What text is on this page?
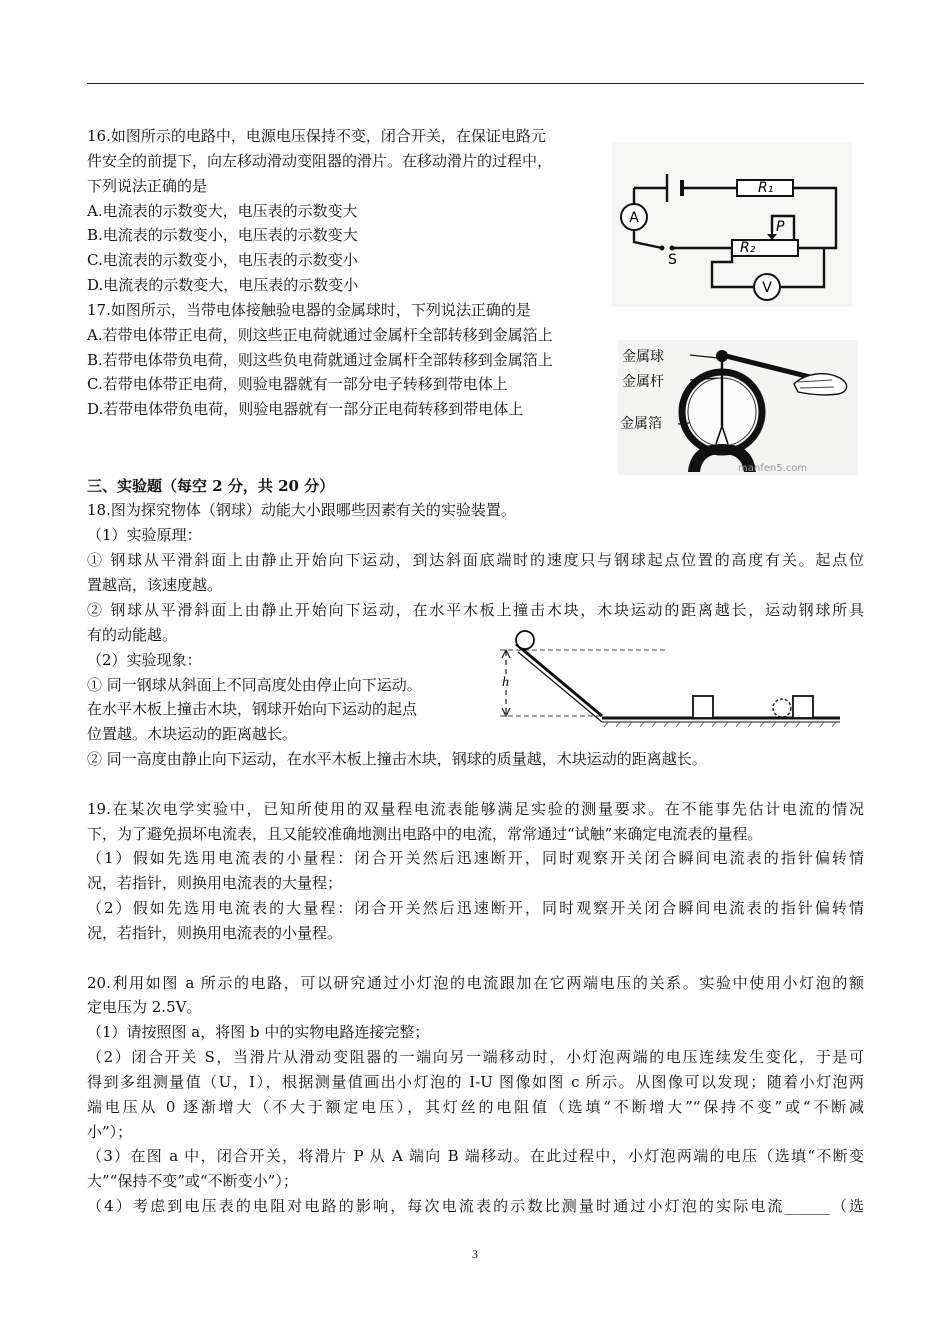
16.如图所示的电路中，电源电压保持不变，闭合开关，在保证电路元
件安全的前提下，向左移动滑动变阻器的滑片。在移动滑片的过程中，
下列说法正确的是
A.电流表的示数变大，电压表的示数变大
B.电流表的示数变小，电压表的示数变大
C.电流表的示数变小，电压表的示数变小
D.电流表的示数变大，电压表的示数变小
A
V
S
R₁
R₂
P
17.如图所示，当带电体接触验电器的金属球时，下列说法正确的是
A.若带电体带正电荷，则这些正电荷就通过金属杆全部转移到金属箔上
B.若带电体带负电荷，则这些负电荷就通过金属杆全部转移到金属箔上
C.若带电体带正电荷，则验电器就有一部分电子转移到带电体上
D.若带电体带负电荷，则验电器就有一部分正电荷转移到带电体上
金属球
金属杆
金属箔
manfen5.com
三、实验题（每空 2 分，共 20 分）
18.图为探究物体（钢球）动能大小跟哪些因素有关的实验装置。
（1）实验原理：
① 钢球从平滑斜面上由静止开始向下运动，到达斜面底端时的速度只与钢球起点位置的高度有关。起点位
置越高，该速度越。
② 钢球从平滑斜面上由静止开始向下运动，在水平木板上撞击木块，木块运动的距离越长，运动钢球所具
有的动能越。
（2）实验现象：
① 同一钢球从斜面上不同高度处由停止向下运动。
在水平木板上撞击木块，钢球开始向下运动的起点
位置越。木块运动的距离越长。
② 同一高度由静止向下运动，在水平木板上撞击木块，钢球的质量越，木块运动的距离越长。
h
19.在某次电学实验中，已知所使用的双量程电流表能够满足实验的测量要求。在不能事先估计电流的情况
下，为了避免损坏电流表，且又能较准确地测出电路中的电流，常常通过“试触”来确定电流表的量程。
（1）假如先选用电流表的小量程：闭合开关然后迅速断开，同时观察开关闭合瞬间电流表的指针偏转情
况，若指针，则换用电流表的大量程；
（2）假如先选用电流表的大量程：闭合开关然后迅速断开，同时观察开关闭合瞬间电流表的指针偏转情
况，若指针，则换用电流表的小量程。
20.利用如图 a 所示的电路，可以研究通过小灯泡的电流跟加在它两端电压的关系。实验中使用小灯泡的额
定电压为 2.5V。
（1）请按照图 a，将图 b 中的实物电路连接完整；
（2）闭合开关 S，当滑片从滑动变阻器的一端向另一端移动时，小灯泡两端的电压连续发生变化，于是可
得到多组测量值（U，I），根据测量值画出小灯泡的 I-U 图像如图 c 所示。从图像可以发现；随着小灯泡两
端电压从 0 逐渐增大（不大于额定电压），其灯丝的电阻值（选填“不断增大”“保持不变”或“不断减
小”）；
（3）在图 a 中，闭合开关，将滑片 P 从 A 端向 B 端移动。在此过程中，小灯泡两端的电压（选填“不断变
大”“保持不变”或“不断变小”）；
（4）考虑到电压表的电阻对电路的影响，每次电流表的示数比测量时通过小灯泡的实际电流______（选
3
